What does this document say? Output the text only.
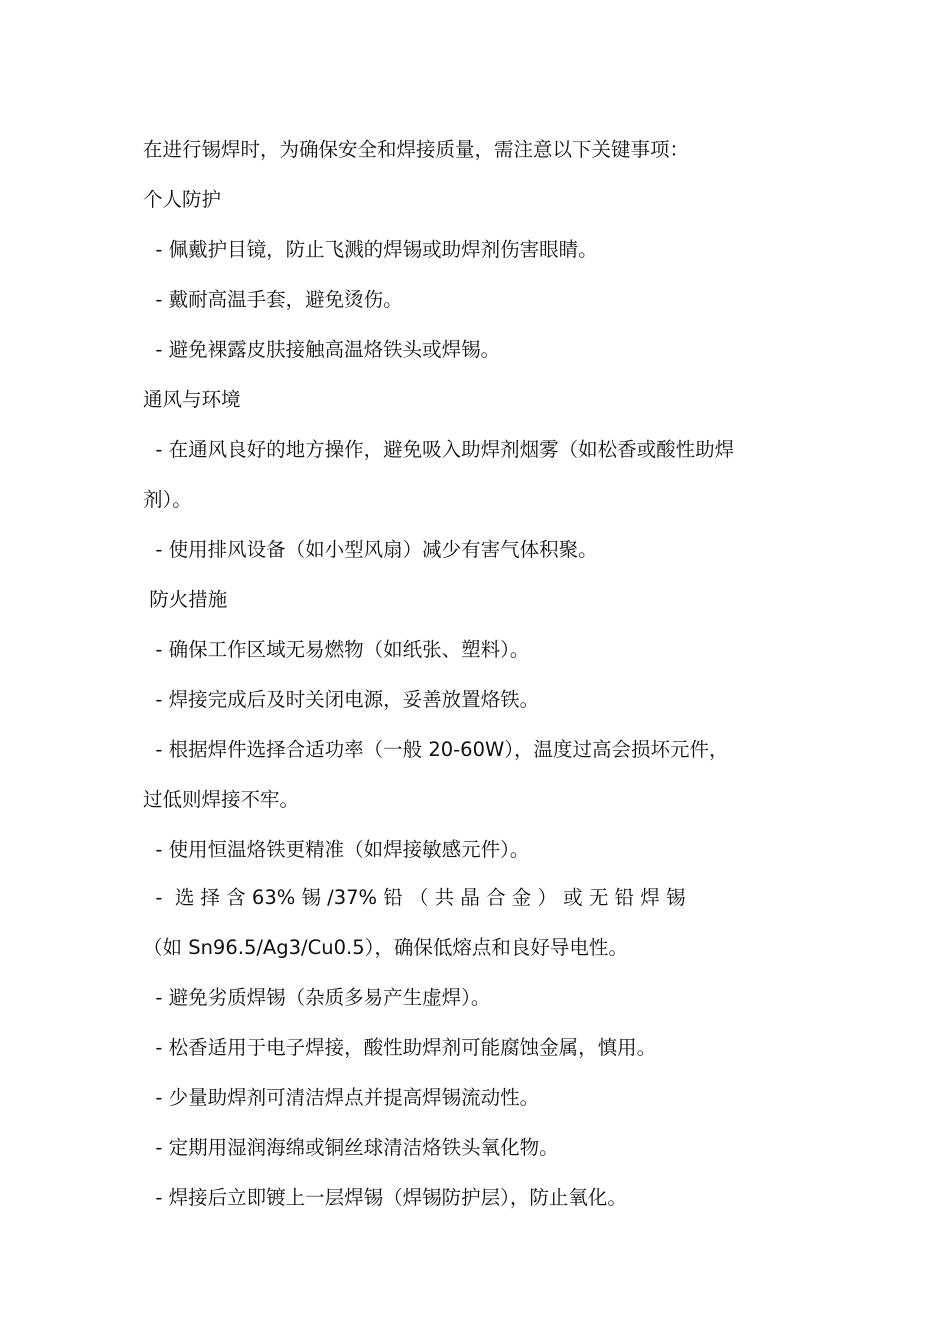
在进行锡焊时，为确保安全和焊接质量，需注意以下关键事项：
个人防护
- 佩戴护目镜，防止飞溅的焊锡或助焊剂伤害眼睛。
- 戴耐高温手套，避免烫伤。
- 避免裸露皮肤接触高温烙铁头或焊锡。
通风与环境
- 在通风良好的地方操作，避免吸入助焊剂烟雾（如松香或酸性助焊
剂）。
- 使用排风设备（如小型风扇）减少有害气体积聚。
防火措施
- 确保工作区域无易燃物（如纸张、塑料）。
- 焊接完成后及时关闭电源，妥善放置烙铁。
- 根据焊件选择合适功率（一般 20-60W），温度过高会损坏元件，
过低则焊接不牢。
- 使用恒温烙铁更精准（如焊接敏感元件）。
-  选 择 含 63% 锡 /37% 铅 （ 共 晶 合 金 ） 或 无 铅 焊 锡
（如 Sn96.5/Ag3/Cu0.5），确保低熔点和良好导电性。
- 避免劣质焊锡（杂质多易产生虚焊）。
- 松香适用于电子焊接，酸性助焊剂可能腐蚀金属，慎用。
- 少量助焊剂可清洁焊点并提高焊锡流动性。
- 定期用湿润海绵或铜丝球清洁烙铁头氧化物。
- 焊接后立即镀上一层焊锡（焊锡防护层），防止氧化。
